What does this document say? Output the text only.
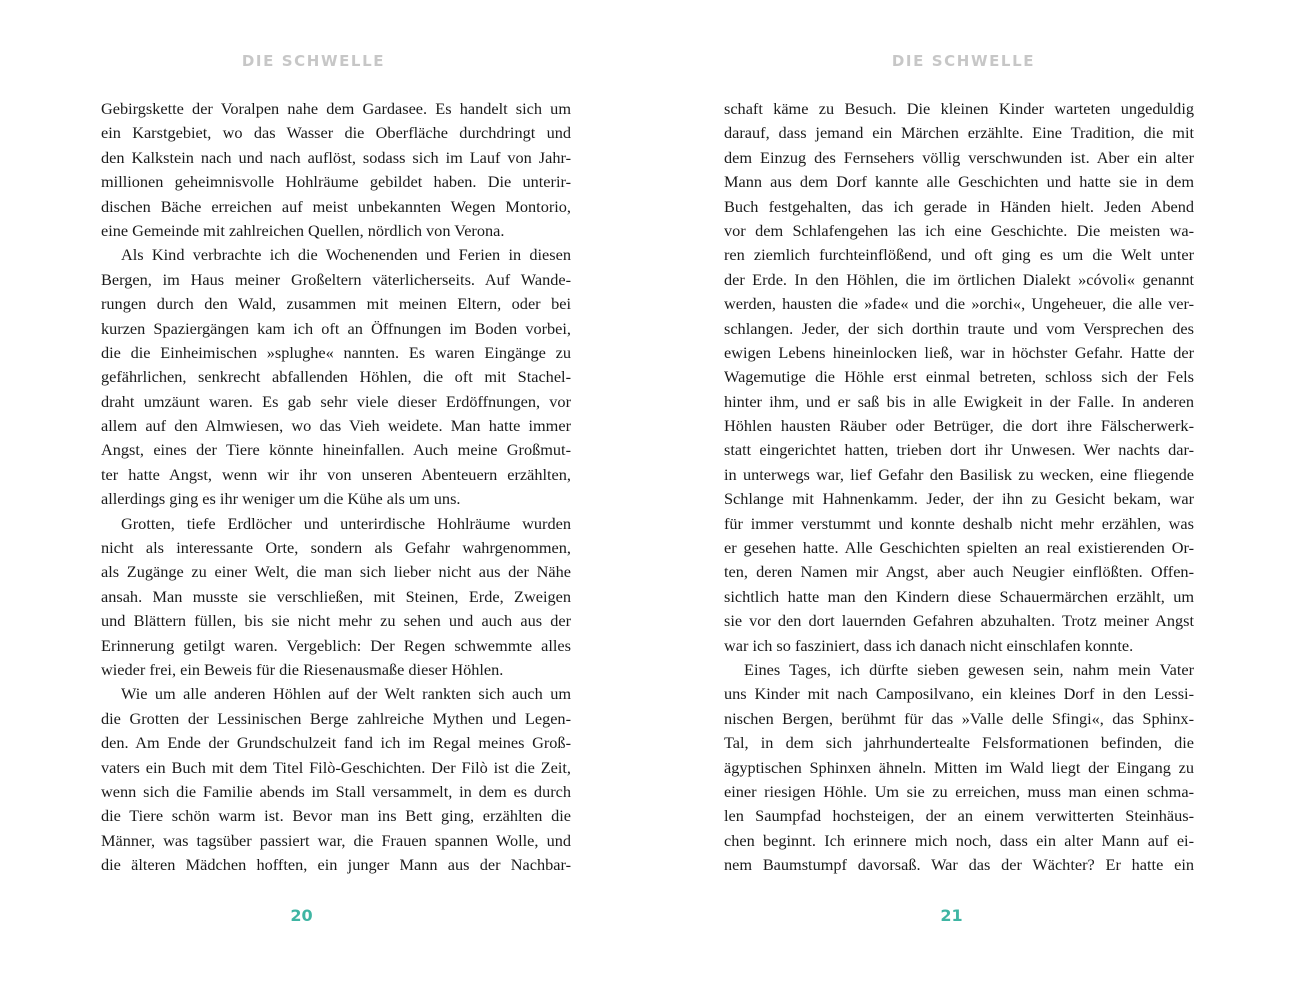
DIE SCHWELLE
Gebirgskette der Voralpen nahe dem Gardasee. Es handelt sich um
ein Karstgebiet, wo das Wasser die Oberfläche durchdringt und
den Kalkstein nach und nach auflöst, sodass sich im Lauf von Jahr-
millionen geheimnisvolle Hohlräume gebildet haben. Die unterir-
dischen Bäche erreichen auf meist unbekannten Wegen Montorio,
eine Gemeinde mit zahlreichen Quellen, nördlich von Verona.
Als Kind verbrachte ich die Wochenenden und Ferien in diesen
Bergen, im Haus meiner Großeltern väterlicherseits. Auf Wande-
rungen durch den Wald, zusammen mit meinen Eltern, oder bei
kurzen Spaziergängen kam ich oft an Öffnungen im Boden vorbei,
die die Einheimischen »splughe« nannten. Es waren Eingänge zu
gefährlichen, senkrecht abfallenden Höhlen, die oft mit Stachel-
draht umzäunt waren. Es gab sehr viele dieser Erdöffnungen, vor
allem auf den Almwiesen, wo das Vieh weidete. Man hatte immer
Angst, eines der Tiere könnte hineinfallen. Auch meine Großmut-
ter hatte Angst, wenn wir ihr von unseren Abenteuern erzählten,
allerdings ging es ihr weniger um die Kühe als um uns.
Grotten, tiefe Erdlöcher und unterirdische Hohlräume wurden
nicht als interessante Orte, sondern als Gefahr wahrgenommen,
als Zugänge zu einer Welt, die man sich lieber nicht aus der Nähe
ansah. Man musste sie verschließen, mit Steinen, Erde, Zweigen
und Blättern füllen, bis sie nicht mehr zu sehen und auch aus der
Erinnerung getilgt waren. Vergeblich: Der Regen schwemmte alles
wieder frei, ein Beweis für die Riesenausmaße dieser Höhlen.
Wie um alle anderen Höhlen auf der Welt rankten sich auch um
die Grotten der Lessinischen Berge zahlreiche Mythen und Legen-
den. Am Ende der Grundschulzeit fand ich im Regal meines Groß-
vaters ein Buch mit dem Titel Filò-Geschichten. Der Filò ist die Zeit,
wenn sich die Familie abends im Stall versammelt, in dem es durch
die Tiere schön warm ist. Bevor man ins Bett ging, erzählten die
Männer, was tagsüber passiert war, die Frauen spannen Wolle, und
die älteren Mädchen hofften, ein junger Mann aus der Nachbar-
20
DIE SCHWELLE
schaft käme zu Besuch. Die kleinen Kinder warteten ungeduldig
darauf, dass jemand ein Märchen erzählte. Eine Tradition, die mit
dem Einzug des Fernsehers völlig verschwunden ist. Aber ein alter
Mann aus dem Dorf kannte alle Geschichten und hatte sie in dem
Buch festgehalten, das ich gerade in Händen hielt. Jeden Abend
vor dem Schlafengehen las ich eine Geschichte. Die meisten wa-
ren ziemlich furchteinflößend, und oft ging es um die Welt unter
der Erde. In den Höhlen, die im örtlichen Dialekt »cóvoli« genannt
werden, hausten die »fade« und die »orchi«, Ungeheuer, die alle ver-
schlangen. Jeder, der sich dorthin traute und vom Versprechen des
ewigen Lebens hineinlocken ließ, war in höchster Gefahr. Hatte der
Wagemutige die Höhle erst einmal betreten, schloss sich der Fels
hinter ihm, und er saß bis in alle Ewigkeit in der Falle. In anderen
Höhlen hausten Räuber oder Betrüger, die dort ihre Fälscherwerk-
statt eingerichtet hatten, trieben dort ihr Unwesen. Wer nachts dar-
in unterwegs war, lief Gefahr den Basilisk zu wecken, eine fliegende
Schlange mit Hahnenkamm. Jeder, der ihn zu Gesicht bekam, war
für immer verstummt und konnte deshalb nicht mehr erzählen, was
er gesehen hatte. Alle Geschichten spielten an real existierenden Or-
ten, deren Namen mir Angst, aber auch Neugier einflößten. Offen-
sichtlich hatte man den Kindern diese Schauermärchen erzählt, um
sie vor den dort lauernden Gefahren abzuhalten. Trotz meiner Angst
war ich so fasziniert, dass ich danach nicht einschlafen konnte.
Eines Tages, ich dürfte sieben gewesen sein, nahm mein Vater
uns Kinder mit nach Camposilvano, ein kleines Dorf in den Lessi-
nischen Bergen, berühmt für das »Valle delle Sfingi«, das Sphinx-
Tal, in dem sich jahrhundertealte Felsformationen befinden, die
ägyptischen Sphinxen ähneln. Mitten im Wald liegt der Eingang zu
einer riesigen Höhle. Um sie zu erreichen, muss man einen schma-
len Saumpfad hochsteigen, der an einem verwitterten Steinhäus-
chen beginnt. Ich erinnere mich noch, dass ein alter Mann auf ei-
nem Baumstumpf davorsaß. War das der Wächter? Er hatte ein
21
